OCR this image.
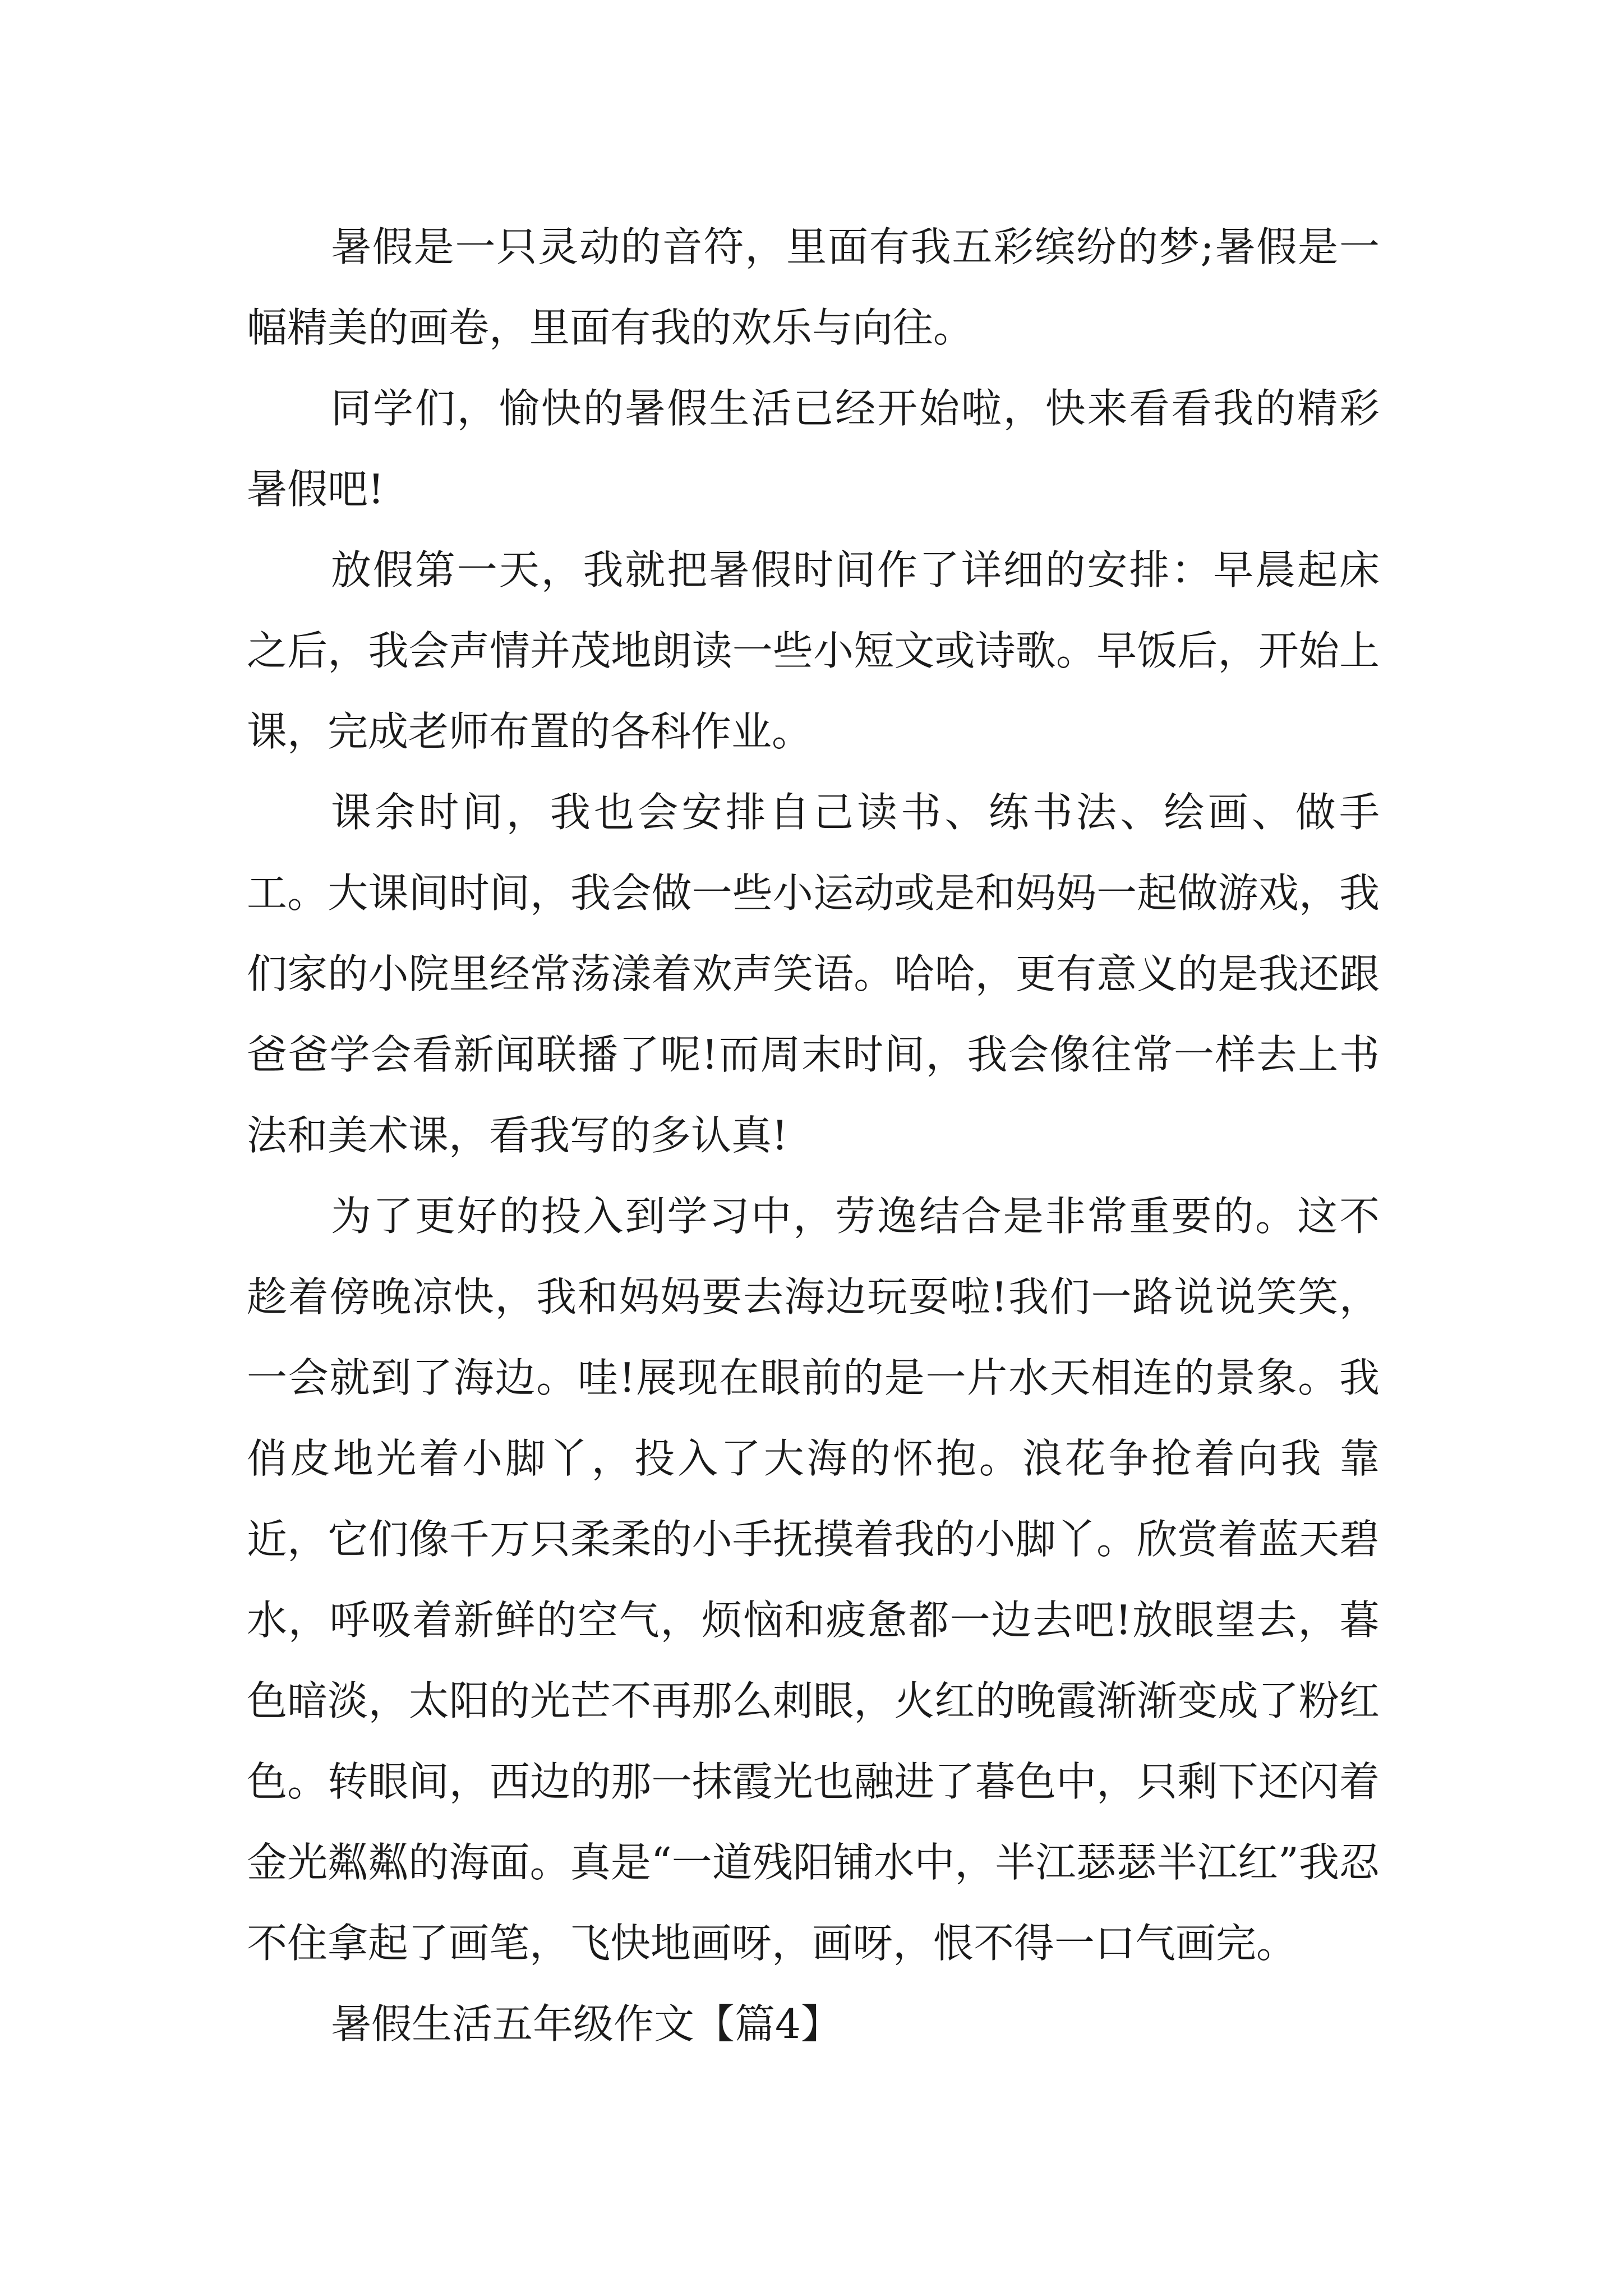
暑假是一只灵动的音符，里面有我五彩缤纷的梦;暑假是一幅精美的画卷，里面有我的欢乐与向往。

同学们，愉快的暑假生活已经开始啦，快来看看我的精彩暑假吧!

放假第一天，我就把暑假时间作了详细的安排：早晨起床之后，我会声情并茂地朗读一些小短文或诗歌。早饭后，开始上课，完成老师布置的各科作业。

课余时间，我也会安排自己读书、练书法、绘画、做手工。大课间时间，我会做一些小运动或是和妈妈一起做游戏，我们家的小院里经常荡漾着欢声笑语。哈哈，更有意义的是我还跟爸爸学会看新闻联播了呢!而周末时间，我会像往常一样去上书法和美术课，看我写的多认真!

为了更好的投入到学习中，劳逸结合是非常重要的。这不趁着傍晚凉快，我和妈妈要去海边玩耍啦!我们一路说说笑笑，一会就到了海边。哇!展现在眼前的是一片水天相连的景象。我俏皮地光着小脚丫，投入了大海的怀抱。浪花争抢着向我 靠近，它们像千万只柔柔的小手抚摸着我的小脚丫。欣赏着蓝天碧水，呼吸着新鲜的空气，烦恼和疲惫都一边去吧!放眼望去，暮色暗淡，太阳的光芒不再那么刺眼，火红的晚霞渐渐变成了粉红色。转眼间，西边的那一抹霞光也融进了暮色中，只剩下还闪着金光粼粼的海面。真是“一道残阳铺水中，半江瑟瑟半江红”我忍不住拿起了画笔，飞快地画呀，画呀，恨不得一口气画完。

暑假生活五年级作文【篇4】
